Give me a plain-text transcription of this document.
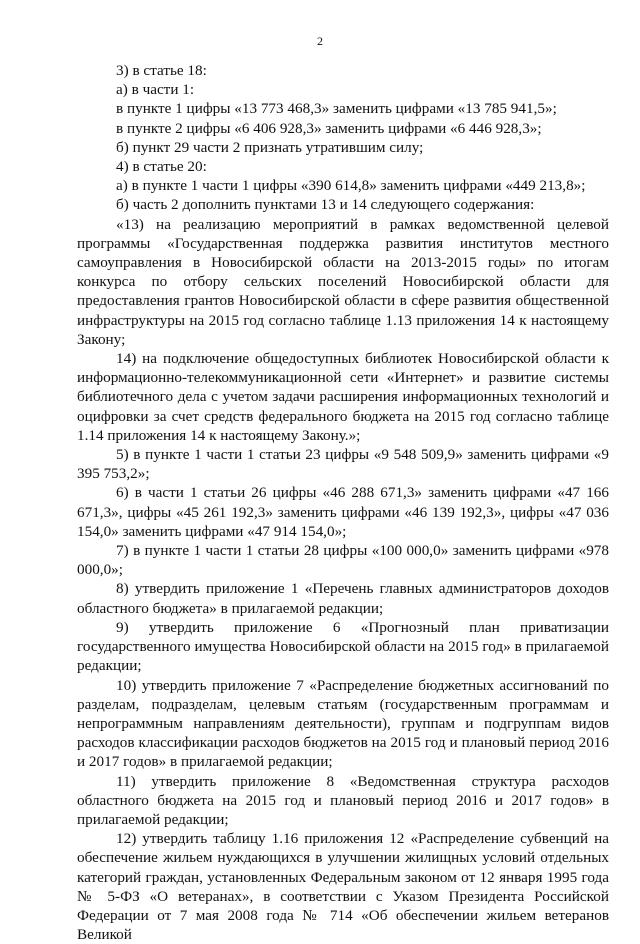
2

3) в статье 18:

а) в части 1:

в пункте 1 цифры «13 773 468,3» заменить цифрами «13 785 941,5»;

в пункте 2 цифры «6 406 928,3» заменить цифрами «6 446 928,3»;

б) пункт 29 части 2 признать утратившим силу;

4) в статье 20:

а) в пункте 1 части 1 цифры «390 614,8» заменить цифрами «449 213,8»;

б) часть 2 дополнить пунктами 13 и 14 следующего содержания:

«13) на реализацию мероприятий в рамках ведомственной целевой программы «Государственная поддержка развития институтов местного самоуправления в Новосибирской области на 2013-2015 годы» по итогам конкурса по отбору сельских поселений Новосибирской области для предоставления грантов Новосибирской области в сфере развития общественной инфраструктуры на 2015 год согласно таблице 1.13 приложения 14 к настоящему Закону;

14) на подключение общедоступных библиотек Новосибирской области к информационно-телекоммуникационной сети «Интернет» и развитие системы библиотечного дела с учетом задачи расширения информационных технологий и оцифровки за счет средств федерального бюджета на 2015 год согласно таблице 1.14 приложения 14 к настоящему Закону.»;

5) в пункте 1 части 1 статьи 23 цифры «9 548 509,9» заменить цифрами «9 395 753,2»;

6) в части 1 статьи 26 цифры «46 288 671,3» заменить цифрами «47 166 671,3», цифры «45 261 192,3» заменить цифрами «46 139 192,3», цифры «47 036 154,0» заменить цифрами «47 914 154,0»;

7) в пункте 1 части 1 статьи 28 цифры «100 000,0» заменить цифрами «978 000,0»;

8) утвердить приложение 1 «Перечень главных администраторов доходов областного бюджета» в прилагаемой редакции;

9) утвердить приложение 6 «Прогнозный план приватизации государственного имущества Новосибирской области на 2015 год» в прилагаемой редакции;

10) утвердить приложение 7 «Распределение бюджетных ассигнований по разделам, подразделам, целевым статьям (государственным программам и непрограммным направлениям деятельности), группам и подгруппам видов расходов классификации расходов бюджетов на 2015 год и плановый период 2016 и 2017 годов» в прилагаемой редакции;

11) утвердить приложение 8 «Ведомственная структура расходов областного бюджета на 2015 год и плановый период 2016 и 2017 годов» в прилагаемой редакции;

12) утвердить таблицу 1.16 приложения 12 «Распределение субвенций на обеспечение жильем нуждающихся в улучшении жилищных условий отдельных категорий граждан, установленных Федеральным законом от 12 января 1995 года № 5-ФЗ «О ветеранах», в соответствии с Указом Президента Российской Федерации от 7 мая 2008 года № 714 «Об обеспечении жильем ветеранов Великой
